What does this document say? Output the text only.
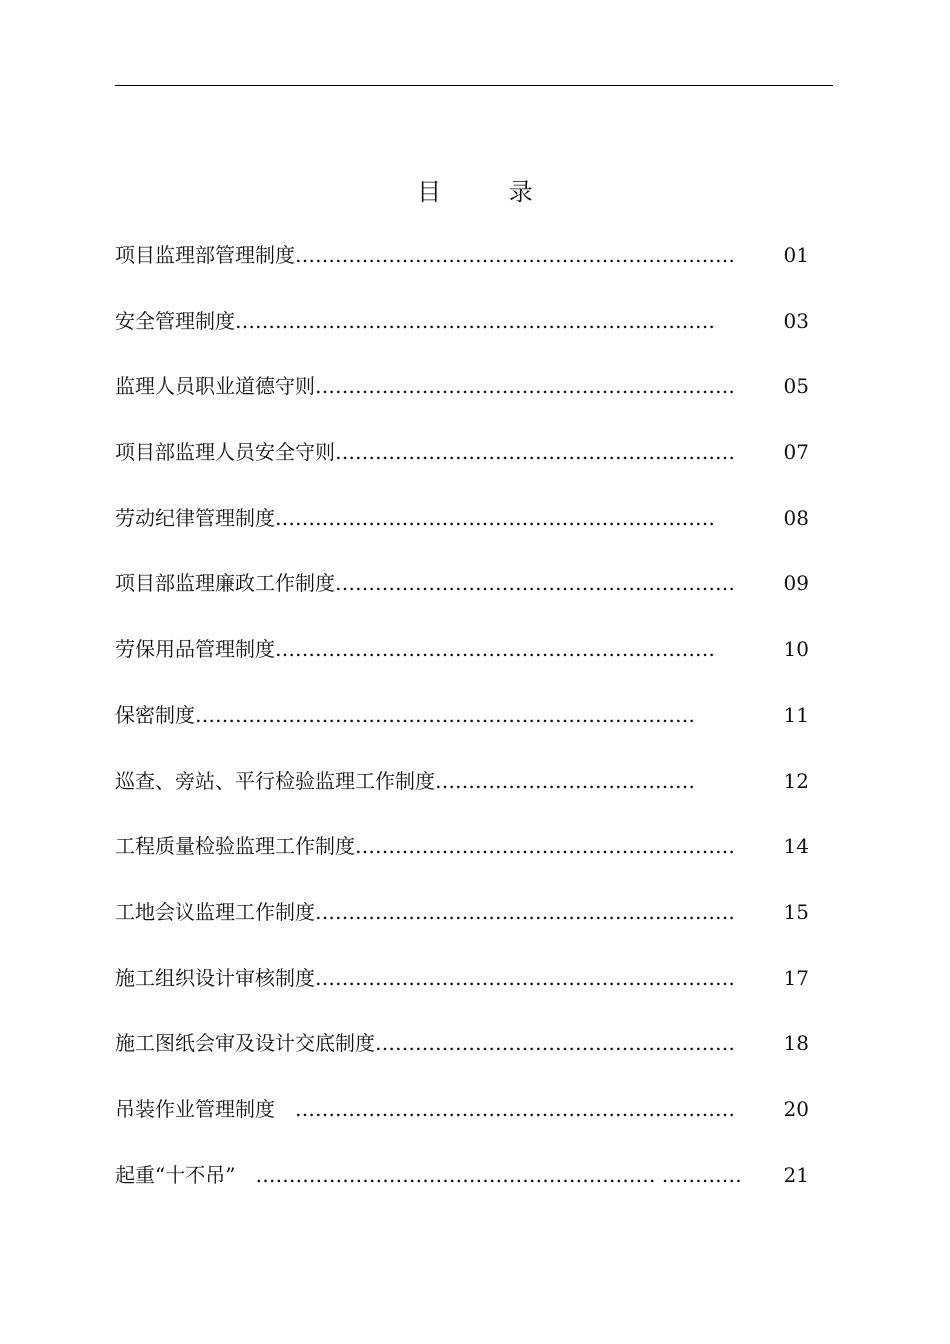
目 录
项目监理部管理制度 …………………………………………………………	01
安全管理制度 ………………………………………………………………	03
监理人员职业道德守则 ………………………………………………………	05
项目部监理人员安全守则 ……………………………………………………	07
劳动纪律管理制度 …………………………………………………………	08
项目部监理廉政工作制度 ……………………………………………………	09
劳保用品管理制度 …………………………………………………………	10
保密制度 …………………………………………………………………	11
巡查、旁站、平行检验监理工作制度 …………………………………	12
工程质量检验监理工作制度 …………………………………………………	14
工地会议监理工作制度 ………………………………………………………	15
施工组织设计审核制度 ………………………………………………………	17
施工图纸会审及设计交底制度 ………………………………………………	18
吊装作业管理制度　 …………………………………………………………	20
起重“十不吊”　 …………………………………………………… …………	21
